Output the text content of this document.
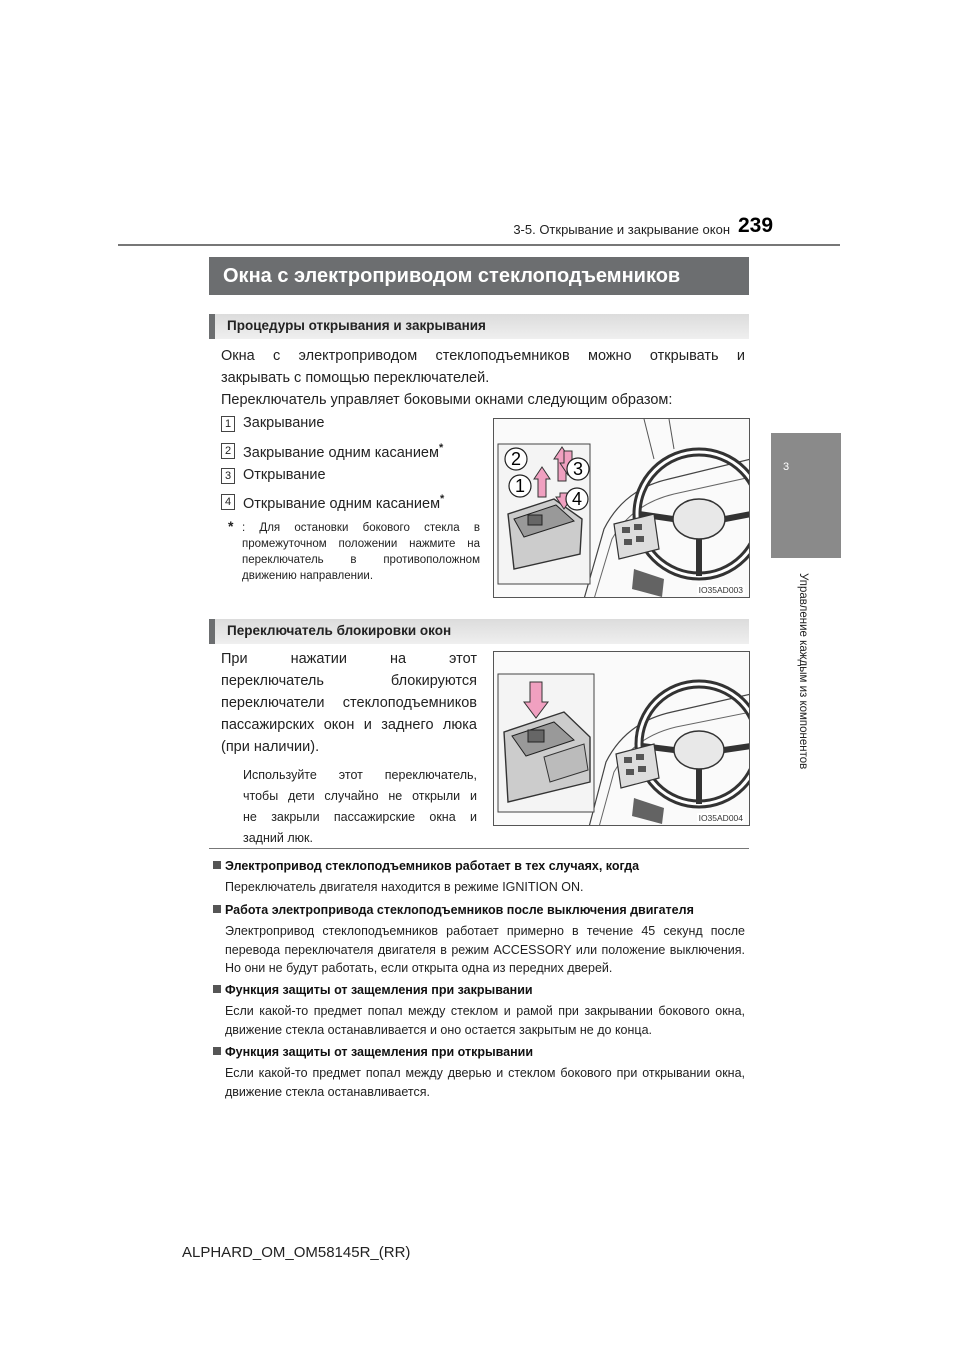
3-5. Открывание и закрывание окон 239
3
Управление каждым из компонентов
Окна с электроприводом стеклоподъемников
Процедуры открывания и закрывания
Окна с электроприводом стеклоподъемников можно открывать и
закрывать с помощью переключателей.
Переключатель управляет боковыми окнами следующим образом:
1 Закрывание
2 Закрывание одним касанием*
3 Открывание
4 Открывание одним касанием*
* : Для остановки бокового стекла в промежуточном положении нажмите на переключатель в противоположном движению направлении.
2	3
1
4
IO35AD003
Переключатель блокировки окон
При нажатии на этот
переключатель блокируются
переключатели стеклоподъемников
пассажирских окон и заднего люка
(при наличии).
Используйте этот переключатель,
чтобы дети случайно не открыли и
не закрыли пассажирские окна и
задний люк.
IO35AD004
Электропривод стеклоподъемников работает в тех случаях, когда
Переключатель двигателя находится в режиме IGNITION ON.
Работа электропривода стеклоподъемников после выключения двигателя
Электропривод стеклоподъемников работает примерно в течение 45 секунд после перевода переключателя двигателя в режим ACCESSORY или положение выключения. Но они не будут работать, если открыта одна из передних дверей.
Функция защиты от защемления при закрывании
Если какой-то предмет попал между стеклом и рамой при закрывании бокового окна, движение стекла останавливается и оно остается закрытым не до конца.
Функция защиты от защемления при открывании
Если какой-то предмет попал между дверью и стеклом бокового при открывании окна, движение стекла останавливается.
ALPHARD_OM_OM58145R_(RR)
